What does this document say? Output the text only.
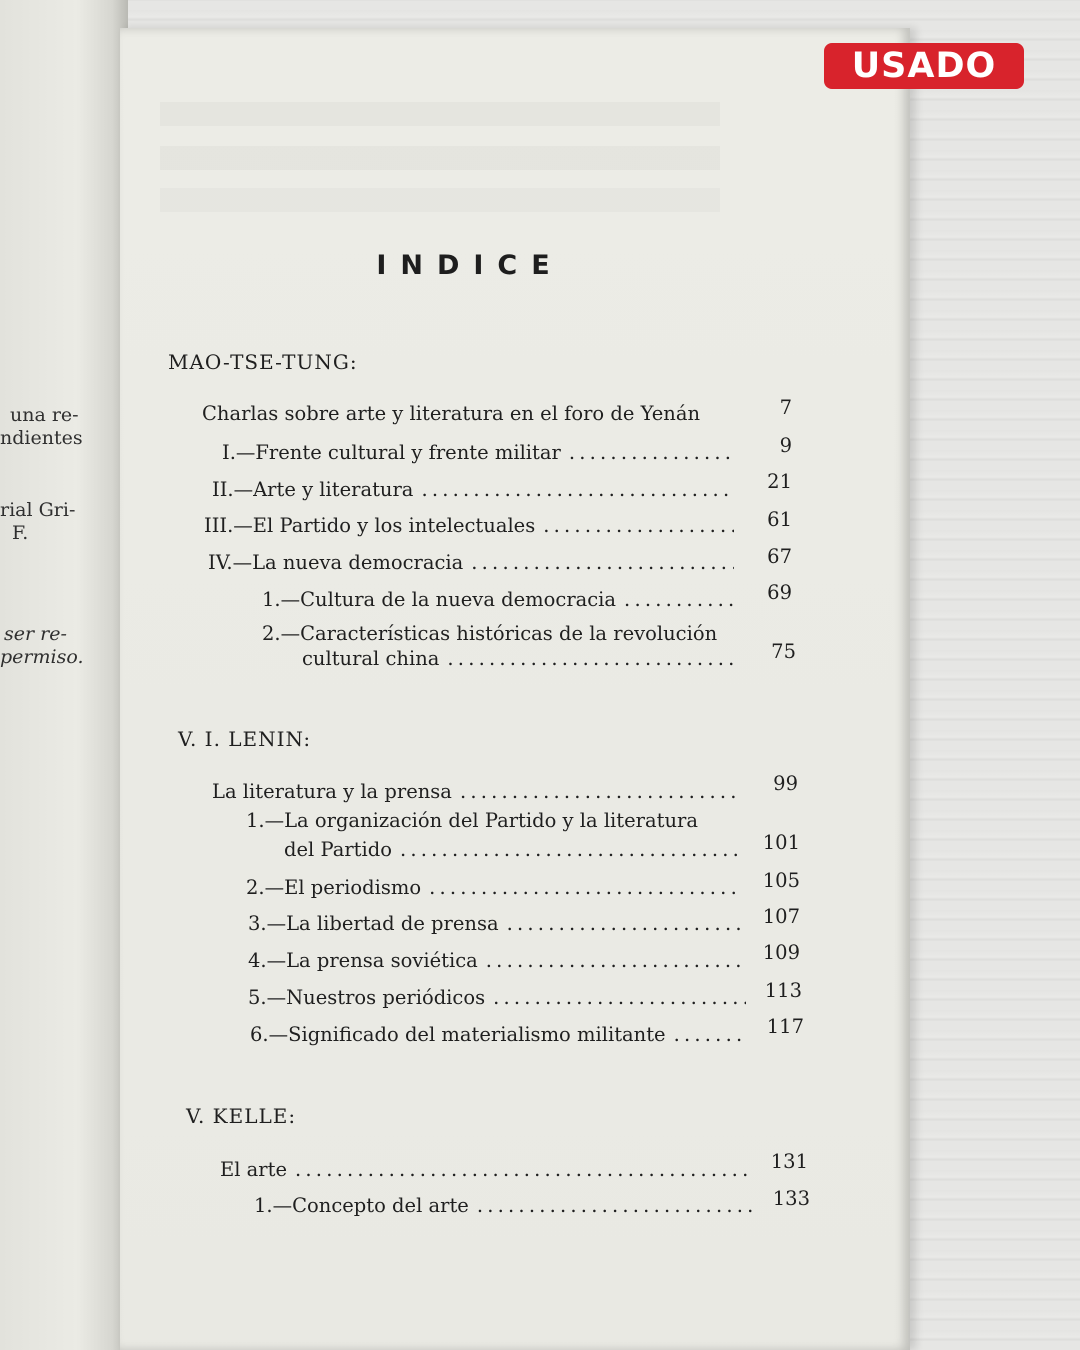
una re-
ndientes
rial Gri-
F.
ser re-
permiso.
INDICE
MAO-TSE-TUNG:
Charlas sobre arte y literatura en el foro de Yenán	7
I.—Frente cultural y frente militar . . .	9
II.—Arte y literatura . . .	21
III.—El Partido y los intelectuales . . .	61
IV.—La nueva democracia . . .	67
1.—Cultura de la nueva democracia . . .	69
2.—Características históricas de la revolución
cultural china . . .	75
V. I. LENIN:
La literatura y la prensa . . .	99
1.—La organización del Partido y la literatura
del Partido . . .	101
2.—El periodismo . . .	105
3.—La libertad de prensa . . .	107
4.—La prensa soviética . . .	109
5.—Nuestros periódicos . . .	113
6.—Significado del materialismo militante . . .	117
V. KELLE:
El arte . . .	131
1.—Concepto del arte . . .	133
USADO
